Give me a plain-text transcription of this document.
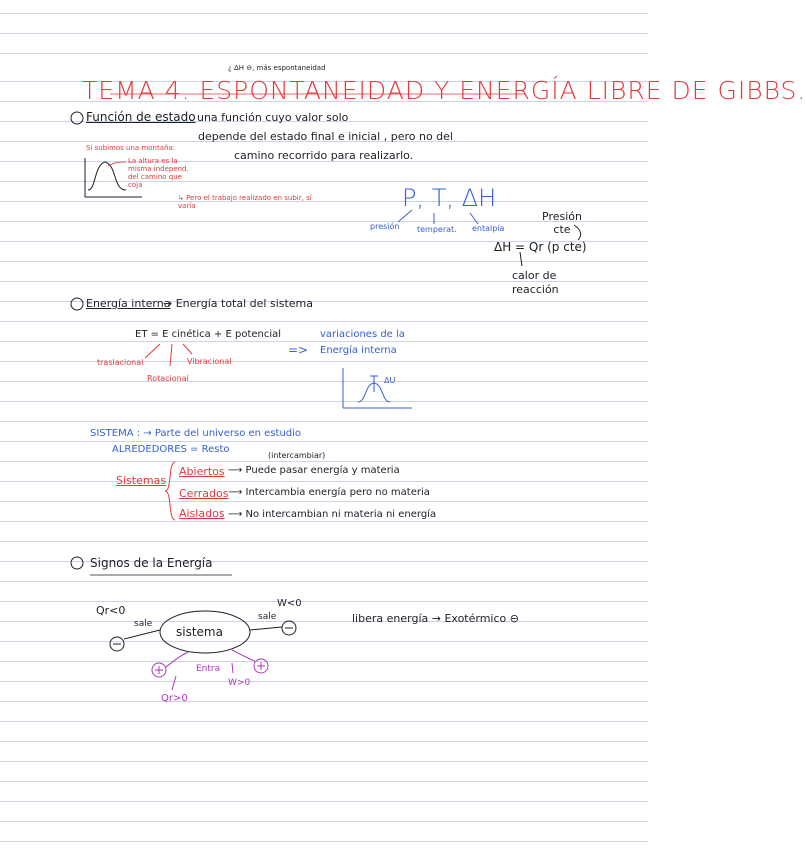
¿ ΔH ⊖, más espontaneidad
TEMA 4. ESPONTANEIDAD Y ENERGÍA LIBRE DE GIBBS.
Función de estado
. una función cuyo valor solo
depende del estado final e inicial , pero no del
camino recorrido para realizarlo.
Si subimos una montaña:
La altura es la misma independ. del camino que coja
↳ Pero el trabajo realizado en subir, sí varía	P, T, ΔH
presión temperat. entalpía
Presión cte
ΔH = Qr (p cte)
calor de reacción
Energía interna
→ Energía total del sistema
ET = E cinética + E potencial
traslacional
Rotacional
Vibracional
=>
variaciones de la Energía interna
ΔU
SISTEMA : → Parte del universo en estudio
ALREDEDORES = Resto
(intercambiar)
Sistemas
Abiertos ⟶ Puede pasar energía y materia
Cerrados ⟶ Intercambia energía pero no materia
Aislados ⟶ No intercambian ni materia ni energía
Signos de la Energía
sistema
Qr<0
sale
sale
W<0
Entra
Qr>0
W>0
libera energía → Exotérmico ⊖
